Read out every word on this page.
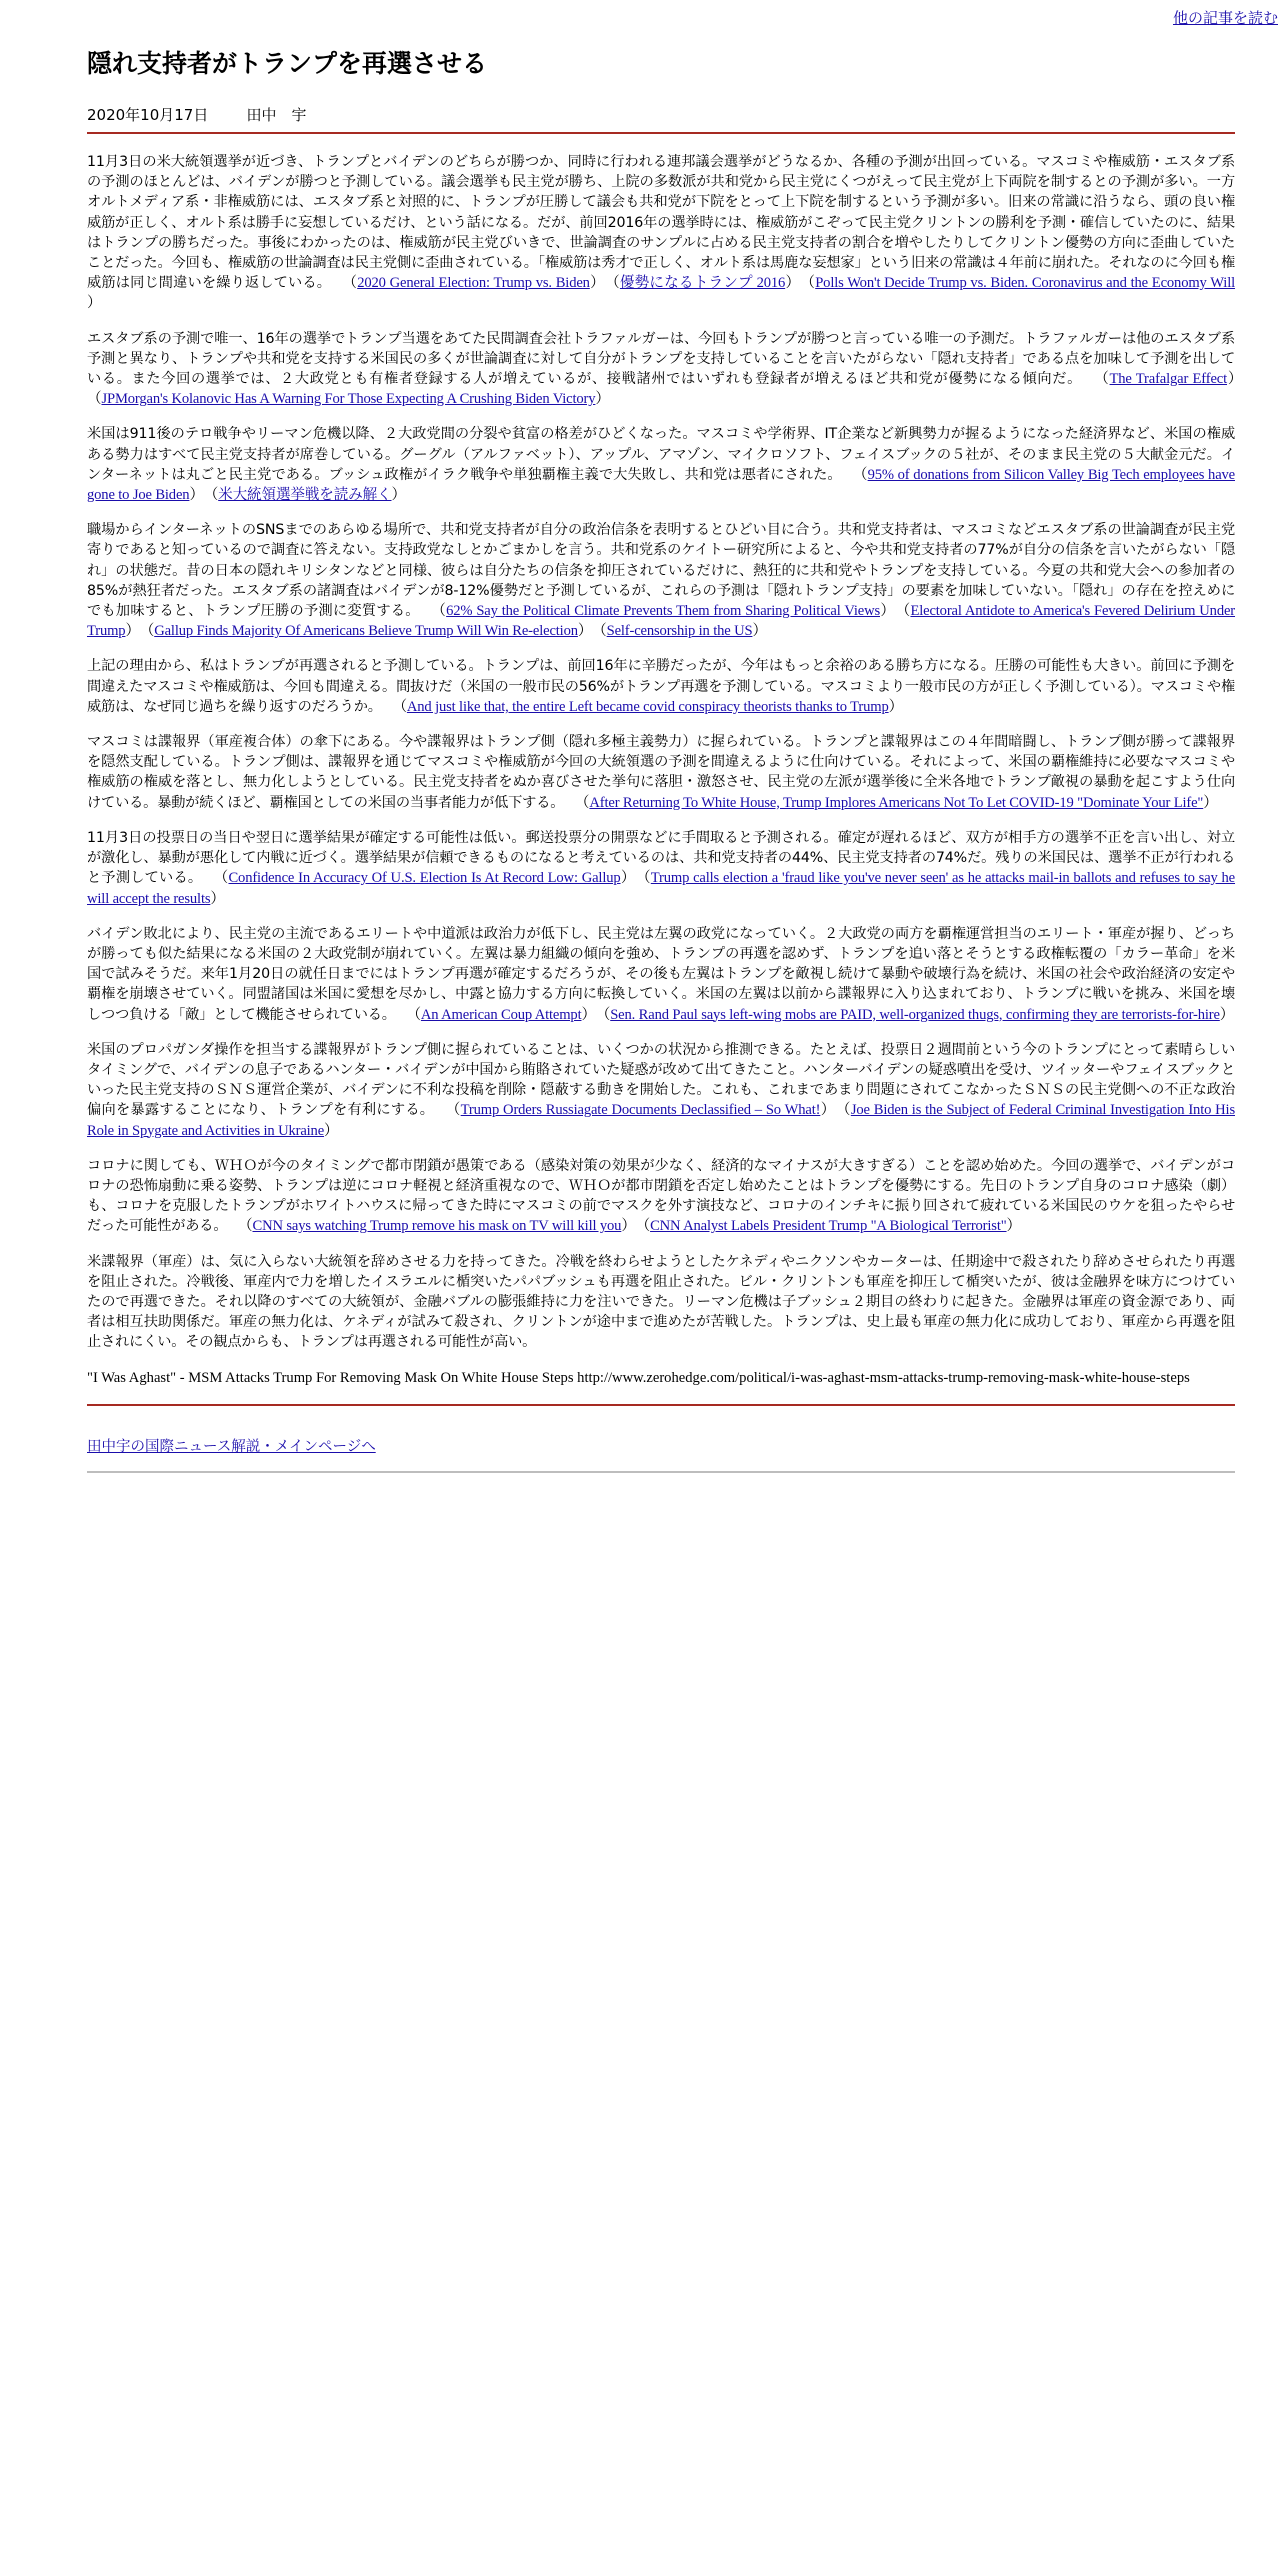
他の記事を読む
隠れ支持者がトランプを再選させる
2020年10月17日	田中　宇

11月3日の米大統領選挙が近づき、トランプとバイデンのどちらが勝つか、同時に行われる連邦議会選挙がどうなるか、各種の予測が出回っている。マスコミや権威筋・エスタブ系の予測のほとんどは、バイデンが勝つと予測している。議会選挙も民主党が勝ち、上院の多数派が共和党から民主党にくつがえって民主党が上下両院を制するとの予測が多い。一方オルトメディア系・非権威筋には、エスタブ系と対照的に、トランプが圧勝して議会も共和党が下院をとって上下院を制するという予測が多い。旧来の常識に沿うなら、頭の良い権威筋が正しく、オルト系は勝手に妄想しているだけ、という話になる。だが、前回2016年の選挙時には、権威筋がこぞって民主党クリントンの勝利を予測・確信していたのに、結果はトランプの勝ちだった。事後にわかったのは、権威筋が民主党びいきで、世論調査のサンプルに占める民主党支持者の割合を増やしたりしてクリントン優勢の方向に歪曲していたことだった。今回も、権威筋の世論調査は民主党側に歪曲されている。「権威筋は秀才で正しく、オルト系は馬鹿な妄想家」という旧来の常識は４年前に崩れた。それなのに今回も権威筋は同じ間違いを繰り返している。 　（2020 General Election: Trump vs. Biden）　（優勢になるトランプ 2016）　（Polls Won't Decide Trump vs. Biden. Coronavirus and the Economy Will ）

エスタブ系の予測で唯一、16年の選挙でトランプ当選をあてた民間調査会社トラファルガーは、今回もトランプが勝つと言っている唯一の予測だ。トラファルガーは他のエスタブ系予測と異なり、トランプや共和党を支持する米国民の多くが世論調査に対して自分がトランプを支持していることを言いたがらない「隠れ支持者」である点を加味して予測を出している。また今回の選挙では、２大政党とも有権者登録する人が増えているが、接戦諸州ではいずれも登録者が増えるほど共和党が優勢になる傾向だ。 　（The Trafalgar Effect）　（JPMorgan's Kolanovic Has A Warning For Those Expecting A Crushing Biden Victory）

米国は911後のテロ戦争やリーマン危機以降、２大政党間の分裂や貧富の格差がひどくなった。マスコミや学術界、IT企業など新興勢力が握るようになった経済界など、米国の権威ある勢力はすべて民主党支持者が席巻している。グーグル（アルファベット）、アップル、アマゾン、マイクロソフト、フェイスブックの５社が、そのまま民主党の５大献金元だ。インターネットは丸ごと民主党である。ブッシュ政権がイラク戦争や単独覇権主義で大失敗し、共和党は悪者にされた。 　（95% of donations from Silicon Valley Big Tech employees have gone to Joe Biden）　（米大統領選挙戦を読み解く）

職場からインターネットのSNSまでのあらゆる場所で、共和党支持者が自分の政治信条を表明するとひどい目に合う。共和党支持者は、マスコミなどエスタブ系の世論調査が民主党寄りであると知っているので調査に答えない。支持政党なしとかごまかしを言う。共和党系のケイトー研究所によると、今や共和党支持者の77%が自分の信条を言いたがらない「隠れ」の状態だ。昔の日本の隠れキリシタンなどと同様、彼らは自分たちの信条を抑圧されているだけに、熱狂的に共和党やトランプを支持している。今夏の共和党大会への参加者の85%が熱狂者だった。エスタブ系の諸調査はバイデンが8-12%優勢だと予測しているが、これらの予測は「隠れトランプ支持」の要素を加味していない。「隠れ」の存在を控えめにでも加味すると、トランプ圧勝の予測に変質する。 　（62% Say the Political Climate Prevents Them from Sharing Political Views）　（Electoral Antidote to America's Fevered Delirium Under Trump）　（Gallup Finds Majority Of Americans Believe Trump Will Win Re-election）　（Self-censorship in the US）

上記の理由から、私はトランプが再選されると予測している。トランプは、前回16年に辛勝だったが、今年はもっと余裕のある勝ち方になる。圧勝の可能性も大きい。前回に予測を間違えたマスコミや権威筋は、今回も間違える。間抜けだ（米国の一般市民の56%がトランプ再選を予測している。マスコミより一般市民の方が正しく予測している）。マスコミや権威筋は、なぜ同じ過ちを繰り返すのだろうか。 　（And just like that, the entire Left became covid conspiracy theorists thanks to Trump）

マスコミは諜報界（軍産複合体）の傘下にある。今や諜報界はトランプ側（隠れ多極主義勢力）に握られている。トランプと諜報界はこの４年間暗闘し、トランプ側が勝って諜報界を隠然支配している。トランプ側は、諜報界を通じてマスコミや権威筋が今回の大統領選の予測を間違えるように仕向けている。それによって、米国の覇権維持に必要なマスコミや権威筋の権威を落とし、無力化しようとしている。民主党支持者をぬか喜びさせた挙句に落胆・激怒させ、民主党の左派が選挙後に全米各地でトランプ敵視の暴動を起こすよう仕向けている。暴動が続くほど、覇権国としての米国の当事者能力が低下する。 　（After Returning To White House, Trump Implores Americans Not To Let COVID-19 "Dominate Your Life"）

11月3日の投票日の当日や翌日に選挙結果が確定する可能性は低い。郵送投票分の開票などに手間取ると予測される。確定が遅れるほど、双方が相手方の選挙不正を言い出し、対立が激化し、暴動が悪化して内戦に近づく。選挙結果が信頼できるものになると考えているのは、共和党支持者の44%、民主党支持者の74%だ。残りの米国民は、選挙不正が行われると予測している。 　（Confidence In Accuracy Of U.S. Election Is At Record Low: Gallup）　（Trump calls election a 'fraud like you've never seen' as he attacks mail-in ballots and refuses to say he will accept the results）

バイデン敗北により、民主党の主流であるエリートや中道派は政治力が低下し、民主党は左翼の政党になっていく。２大政党の両方を覇権運営担当のエリート・軍産が握り、どっちが勝っても似た結果になる米国の２大政党制が崩れていく。左翼は暴力組織の傾向を強め、トランプの再選を認めず、トランプを追い落とそうとする政権転覆の「カラー革命」を米国で試みそうだ。来年1月20日の就任日までにはトランプ再選が確定するだろうが、その後も左翼はトランプを敵視し続けて暴動や破壊行為を続け、米国の社会や政治経済の安定や覇権を崩壊させていく。同盟諸国は米国に愛想を尽かし、中露と協力する方向に転換していく。米国の左翼は以前から諜報界に入り込まれており、トランプに戦いを挑み、米国を壊しつつ負ける「敵」として機能させられている。 　（An American Coup Attempt）　（Sen. Rand Paul says left-wing mobs are PAID, well-organized thugs, confirming they are terrorists-for-hire）

米国のプロパガンダ操作を担当する諜報界がトランプ側に握られていることは、いくつかの状況から推測できる。たとえば、投票日２週間前という今のトランプにとって素晴らしいタイミングで、バイデンの息子であるハンター・バイデンが中国から賄賂されていた疑惑が改めて出てきたこと。ハンターバイデンの疑惑噴出を受け、ツイッターやフェイスブックといった民主党支持のＳＮＳ運営企業が、バイデンに不利な投稿を削除・隠蔽する動きを開始した。これも、これまであまり問題にされてこなかったＳＮＳの民主党側への不正な政治偏向を暴露することになり、トランプを有利にする。 　（Trump Orders Russiagate Documents Declassified – So What!）　（Joe Biden is the Subject of Federal Criminal Investigation Into His Role in Spygate and Activities in Ukraine）

コロナに関しても、ＷＨＯが今のタイミングで都市閉鎖が愚策である（感染対策の効果が少なく、経済的なマイナスが大きすぎる）ことを認め始めた。今回の選挙で、バイデンがコロナの恐怖扇動に乗る姿勢、トランプは逆にコロナ軽視と経済重視なので、ＷＨＯが都市閉鎖を否定し始めたことはトランプを優勢にする。先日のトランプ自身のコロナ感染（劇）も、コロナを克服したトランプがホワイトハウスに帰ってきた時にマスコミの前でマスクを外す演技など、コロナのインチキに振り回されて疲れている米国民のウケを狙ったやらせだった可能性がある。 　（CNN says watching Trump remove his mask on TV will kill you）　（CNN Analyst Labels President Trump "A Biological Terrorist"）

米諜報界（軍産）は、気に入らない大統領を辞めさせる力を持ってきた。冷戦を終わらせようとしたケネディやニクソンやカーターは、任期途中で殺されたり辞めさせられたり再選を阻止された。冷戦後、軍産内で力を増したイスラエルに楯突いたパパブッシュも再選を阻止された。ビル・クリントンも軍産を抑圧して楯突いたが、彼は金融界を味方につけていたので再選できた。それ以降のすべての大統領が、金融バブルの膨張維持に力を注いできた。リーマン危機は子ブッシュ２期目の終わりに起きた。金融界は軍産の資金源であり、両者は相互扶助関係だ。軍産の無力化は、ケネディが試みて殺され、クリントンが途中まで進めたが苦戦した。トランプは、史上最も軍産の無力化に成功しており、軍産から再選を阻止されにくい。その観点からも、トランプは再選される可能性が高い。

"I Was Aghast" - MSM Attacks Trump For Removing Mask On White House Steps http://www.zerohedge.com/political/i-was-aghast-msm-attacks-trump-removing-mask-white-house-steps
田中宇の国際ニュース解説・メインページへ
